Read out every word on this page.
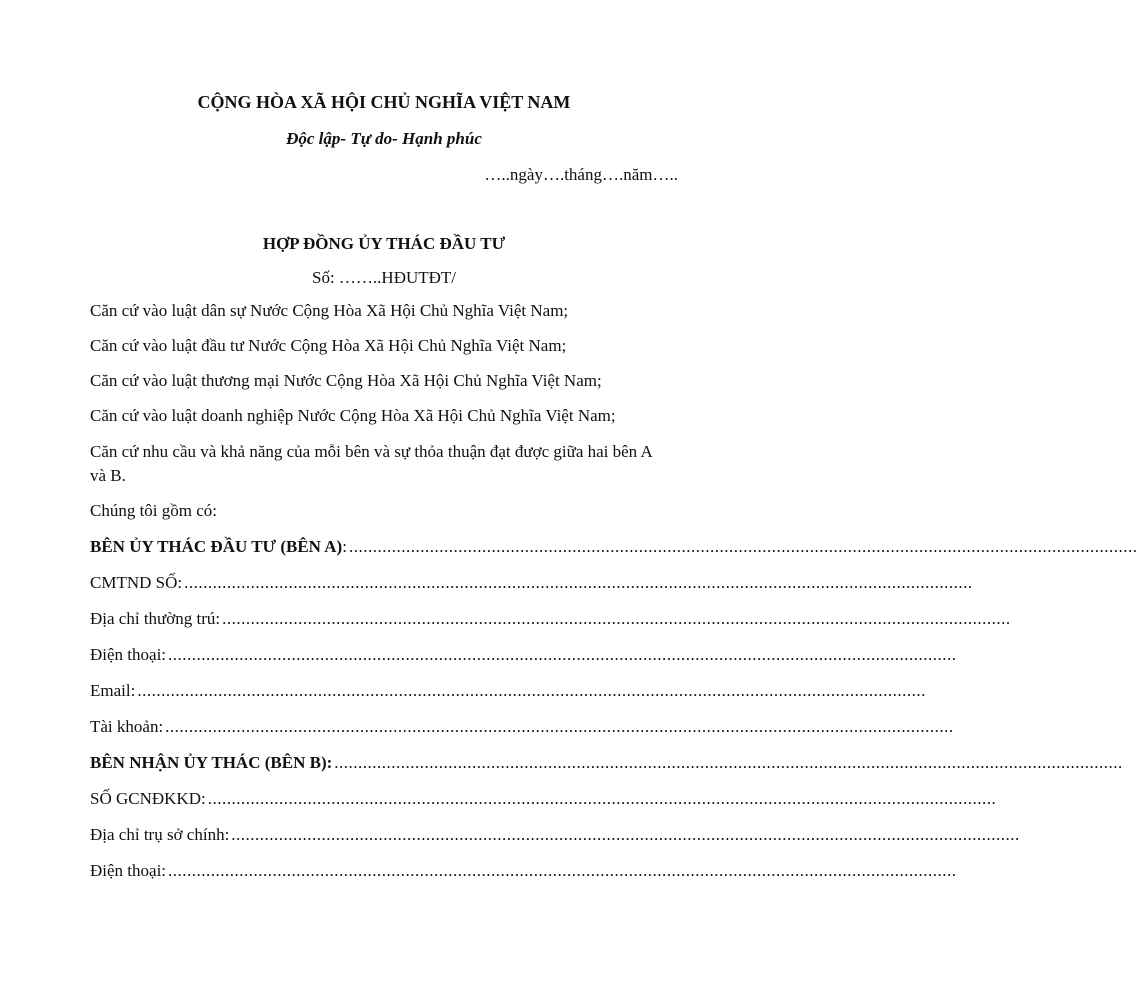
CỘNG HÒA XÃ HỘI CHỦ NGHĨA VIỆT NAM
Độc lập- Tự do- Hạnh phúc
…..ngày….tháng….năm…..
HỢP ĐỒNG ỦY THÁC ĐẦU TƯ
Số: ……..HĐUTĐT/
Căn cứ vào luật dân sự Nước Cộng Hòa Xã Hội Chủ Nghĩa Việt Nam;
Căn cứ vào luật đầu tư Nước Cộng Hòa Xã Hội Chủ Nghĩa Việt Nam;
Căn cứ vào luật thương mại Nước Cộng Hòa Xã Hội Chủ Nghĩa Việt Nam;
Căn cứ vào luật doanh nghiệp Nước Cộng Hòa Xã Hội Chủ Nghĩa Việt Nam;
Căn cứ nhu cầu và khả năng của mỗi bên và sự thỏa thuận đạt được giữa hai bên A
và B.
Chúng tôi gồm có:
BÊN ỦY THÁC ĐẦU TƯ (BÊN A) : ......................................................................................................................................................................
CMTND SỐ: ......................................................................................................................................................................
Địa chỉ thường trú: ......................................................................................................................................................................
Điện thoại: ......................................................................................................................................................................
Email: ......................................................................................................................................................................
Tài khoản: ......................................................................................................................................................................
BÊN NHẬN ỦY THÁC (BÊN B): ......................................................................................................................................................................
SỐ GCNĐKKD: ......................................................................................................................................................................
Địa chỉ trụ sở chính: ......................................................................................................................................................................
Điện thoại: ......................................................................................................................................................................
